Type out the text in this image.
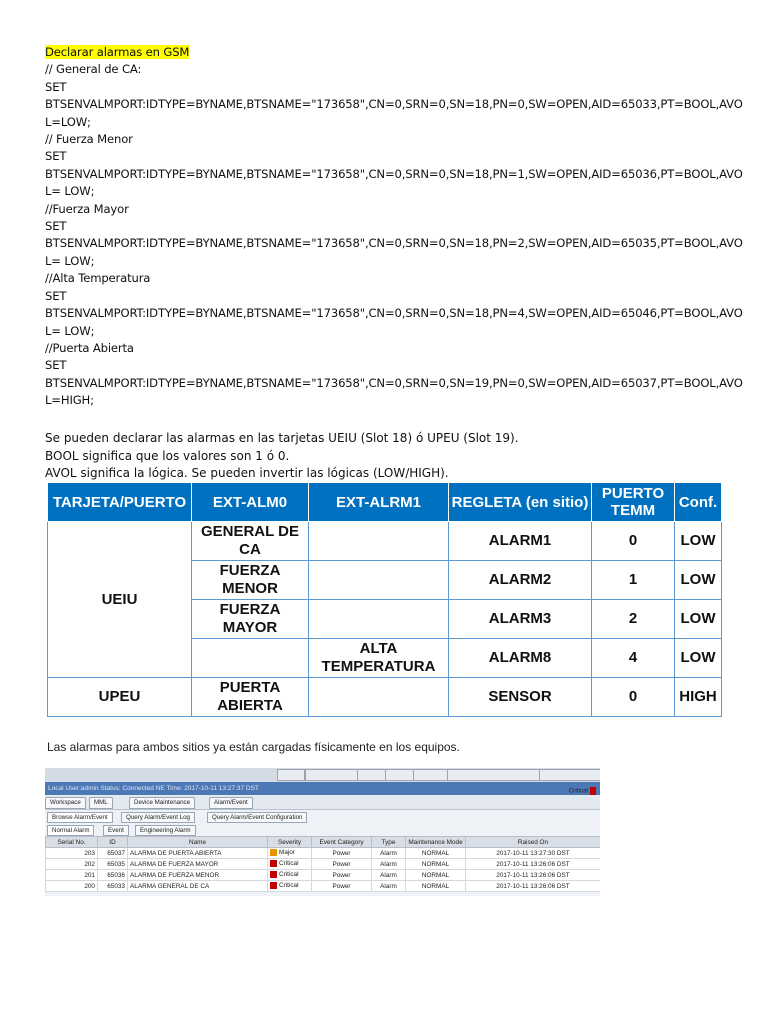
Declarar alarmas en GSM
// General de CA:
SET
BTSENVALMPORT:IDTYPE=BYNAME,BTSNAME="173658",CN=0,SRN=0,SN=18,PN=0,SW=OPEN,AID=65033,PT=BOOL,AVO
L=LOW;
// Fuerza Menor
SET
BTSENVALMPORT:IDTYPE=BYNAME,BTSNAME="173658",CN=0,SRN=0,SN=18,PN=1,SW=OPEN,AID=65036,PT=BOOL,AVO
L= LOW;
//Fuerza Mayor
SET
BTSENVALMPORT:IDTYPE=BYNAME,BTSNAME="173658",CN=0,SRN=0,SN=18,PN=2,SW=OPEN,AID=65035,PT=BOOL,AVO
L= LOW;
//Alta Temperatura
SET
BTSENVALMPORT:IDTYPE=BYNAME,BTSNAME="173658",CN=0,SRN=0,SN=18,PN=4,SW=OPEN,AID=65046,PT=BOOL,AVO
L= LOW;
//Puerta Abierta
SET
BTSENVALMPORT:IDTYPE=BYNAME,BTSNAME="173658",CN=0,SRN=0,SN=19,PN=0,SW=OPEN,AID=65037,PT=BOOL,AVO
L=HIGH;
Se pueden declarar las alarmas en las tarjetas UEIU (Slot 18) ó UPEU (Slot 19).
BOOL significa que los valores son 1 ó 0.
AVOL significa la lógica. Se pueden invertir las lógicas (LOW/HIGH).
TARJETA/PUERTO	EXT-ALM0	EXT-ALRM1	REGLETA (en sitio)	PUERTO TEMM	Conf.
UEIU	GENERAL DE CA		ALARM1	0	LOW
	FUERZA MENOR		ALARM2	1	LOW
	FUERZA MAYOR		ALARM3	2	LOW
		ALTA TEMPERATURA	ALARM8	4	LOW
UPEU	PUERTA ABIERTA		SENSOR	0	HIGH
Las alarmas para ambos sitios ya están cargadas físicamente en los equipos.
Local User:admin Status: Connected NE Time: 2017-10-11 13:27:37 DST
Workspace	MML	Device Maintenance	Alarm/Event
Browse Alarm/Event	Query Alarm/Event Log	Query Alarm/Event Configuration
Normal Alarm	Event	Engineering Alarm
Critical
Serial No.	ID	Name	Severity	Event Category	Type	Maintenance Mode	Raised On
203	65037	ALARMA DE PUERTA ABIERTA	Major	Power	Alarm	NORMAL	2017-10-11 13:27:30 DST
202	65035	ALARMA DE FUERZA MAYOR	Critical	Power	Alarm	NORMAL	2017-10-11 13:26:06 DST
201	65036	ALARMA DE FUERZA MENOR	Critical	Power	Alarm	NORMAL	2017-10-11 13:26:06 DST
200	65033	ALARMA GENERAL DE CA	Critical	Power	Alarm	NORMAL	2017-10-11 13:26:06 DST
